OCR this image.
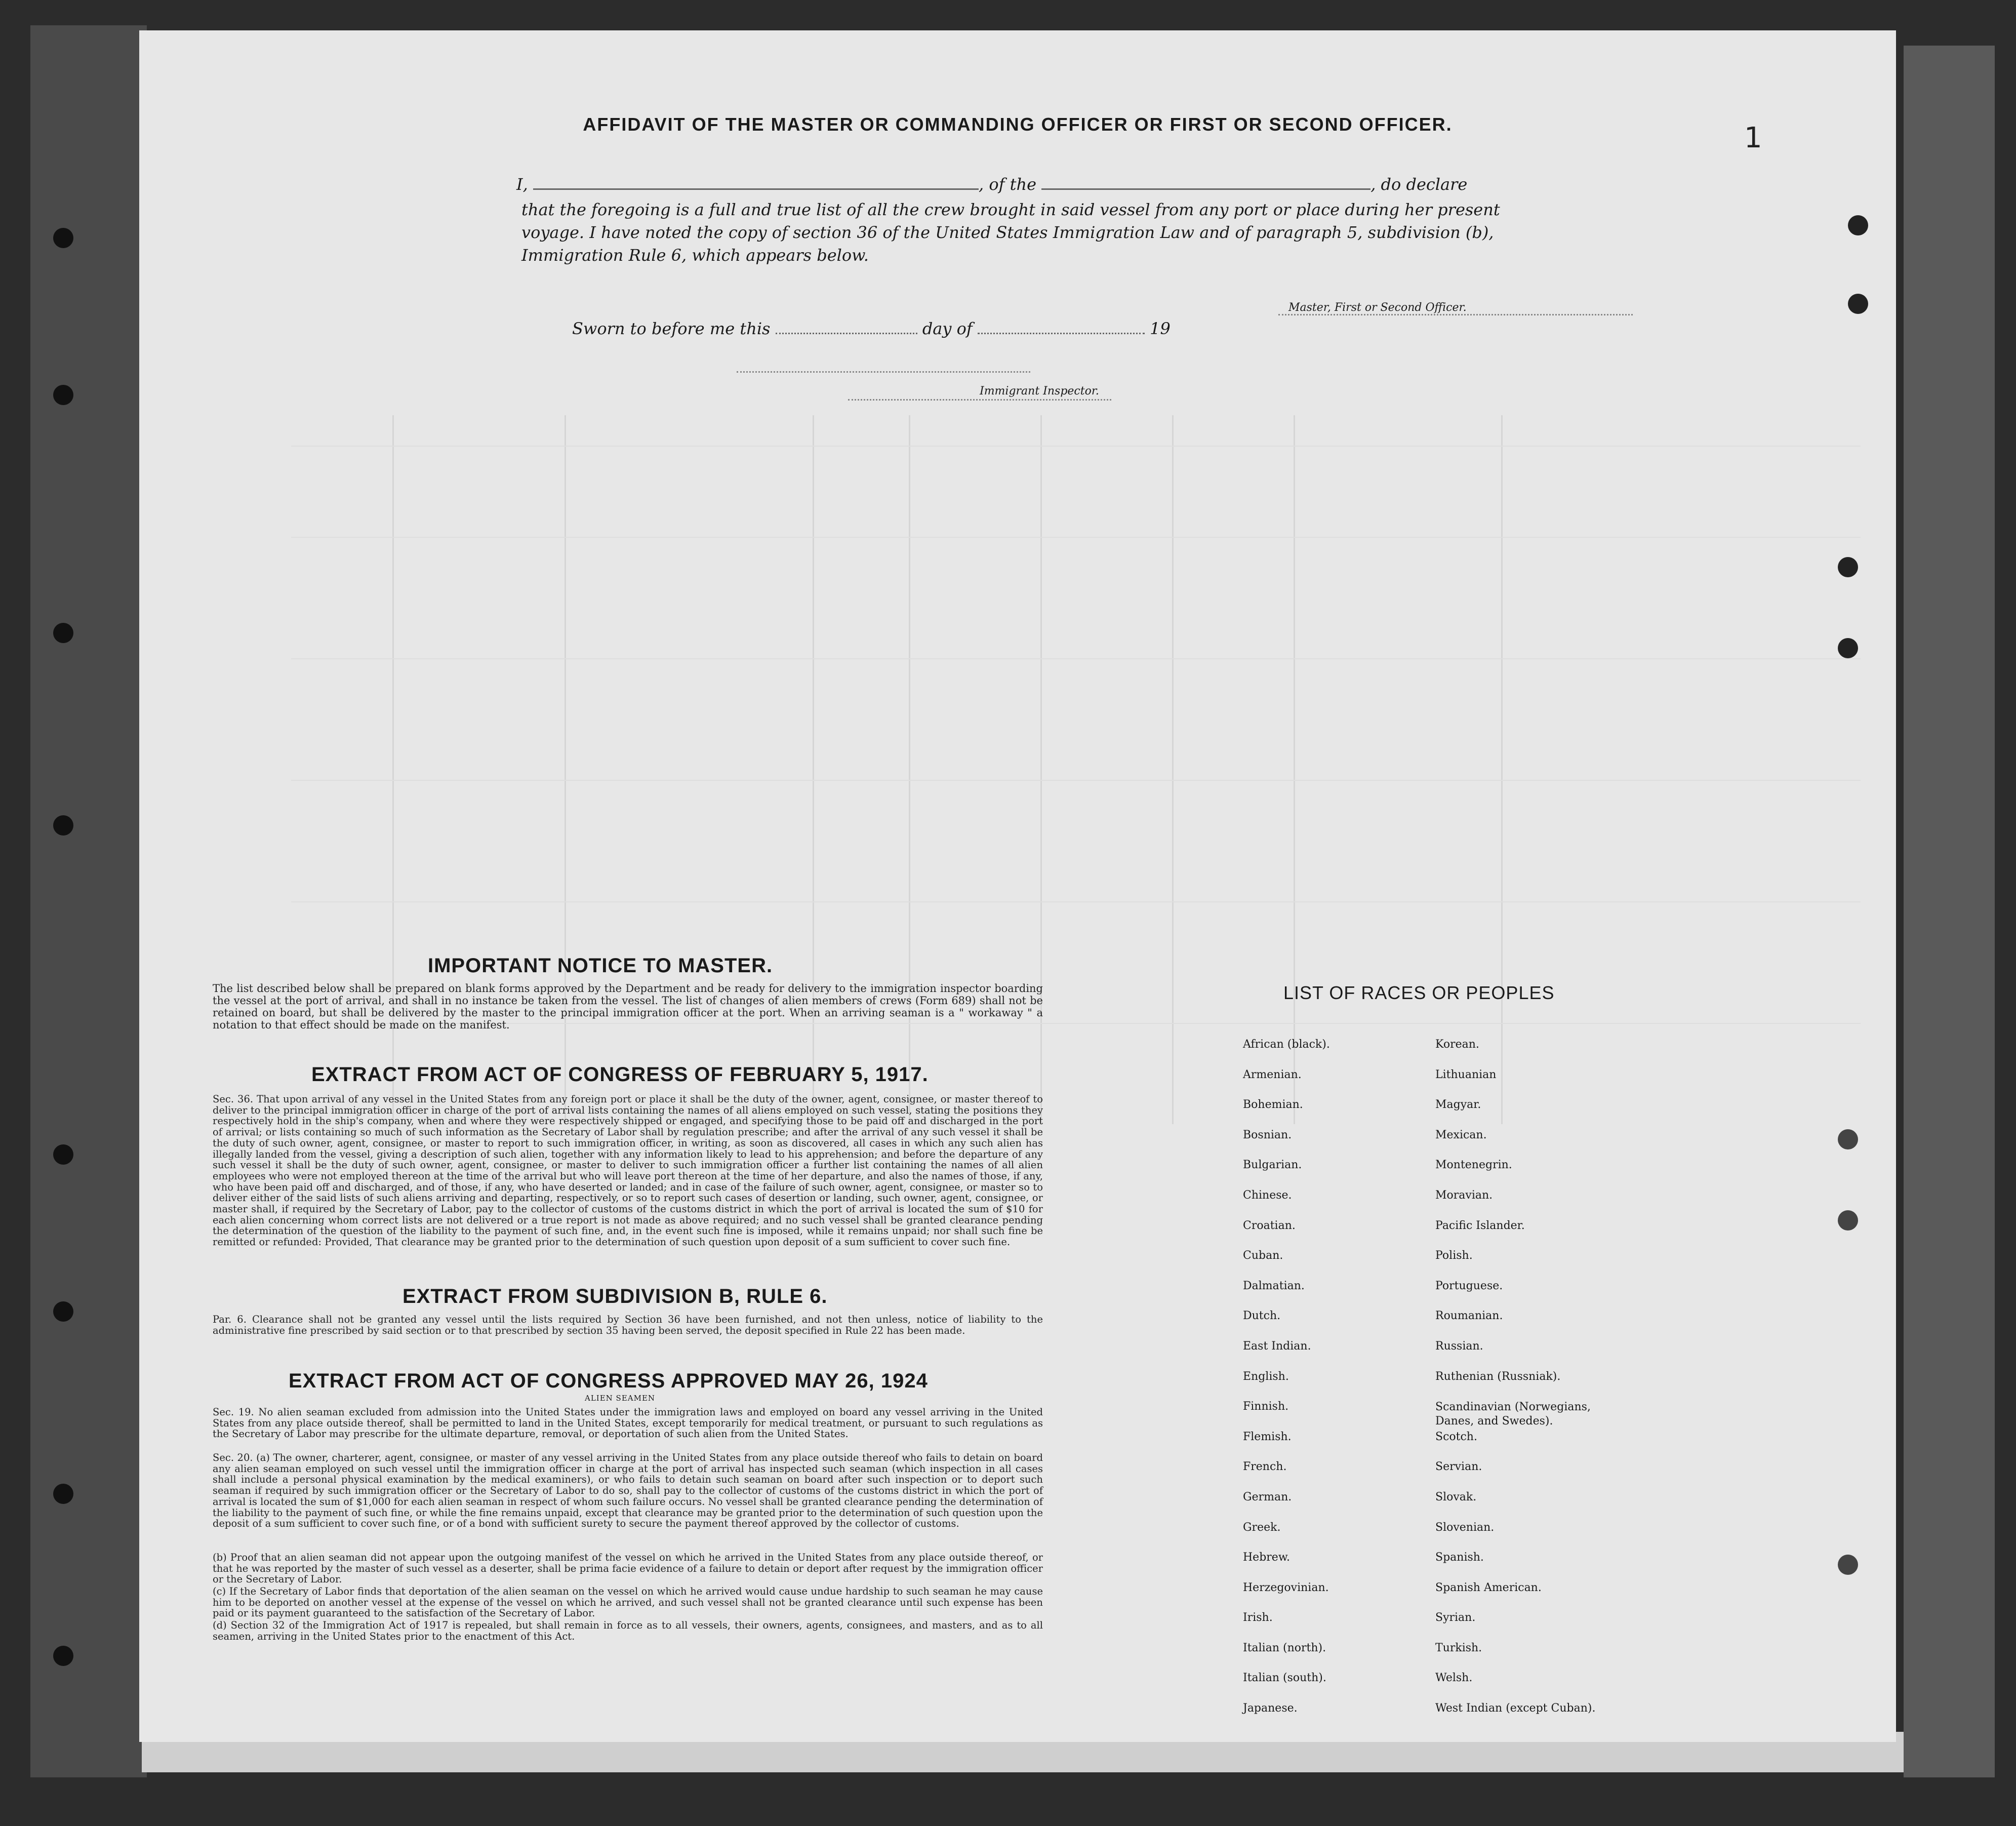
1
AFFIDAVIT OF THE MASTER OR COMMANDING OFFICER OR FIRST OR SECOND OFFICER.
I,	, of the	, do declare
that the foregoing is a full and true list of all the crew brought in said vessel from any port or place during her present
voyage. I have noted the copy of section 36 of the United States Immigration Law and of paragraph 5, subdivision (b),
Immigration Rule 6, which appears below.
Master, First or Second Officer.
Sworn to before me this	day of	19
Immigrant Inspector.
IMPORTANT NOTICE TO MASTER.
The list described below shall be prepared on blank forms approved by the Department and be ready for delivery to the immigration inspector boarding the vessel at the port of arrival, and shall in no instance be taken from the vessel. The list of changes of alien members of crews (Form 689) shall not be retained on board, but shall be delivered by the master to the principal immigration officer at the port. When an arriving seaman is a " workaway " a notation to that effect should be made on the manifest.
EXTRACT FROM ACT OF CONGRESS OF FEBRUARY 5, 1917.
Sec. 36. That upon arrival of any vessel in the United States from any foreign port or place it shall be the duty of the owner, agent, consignee, or master thereof to deliver to the principal immigration officer in charge of the port of arrival lists containing the names of all aliens employed on such vessel, stating the positions they respectively hold in the ship's company, when and where they were respectively shipped or engaged, and specifying those to be paid off and discharged in the port of arrival; or lists containing so much of such information as the Secretary of Labor shall by regulation prescribe; and after the arrival of any such vessel it shall be the duty of such owner, agent, consignee, or master to report to such immigration officer, in writing, as soon as discovered, all cases in which any such alien has illegally landed from the vessel, giving a description of such alien, together with any information likely to lead to his apprehension; and before the departure of any such vessel it shall be the duty of such owner, agent, consignee, or master to deliver to such immigration officer a further list containing the names of all alien employees who were not employed thereon at the time of the arrival but who will leave port thereon at the time of her departure, and also the names of those, if any, who have been paid off and discharged, and of those, if any, who have deserted or landed; and in case of the failure of such owner, agent, consignee, or master so to deliver either of the said lists of such aliens arriving and departing, respectively, or so to report such cases of desertion or landing, such owner, agent, consignee, or master shall, if required by the Secretary of Labor, pay to the collector of customs of the customs district in which the port of arrival is located the sum of $10 for each alien concerning whom correct lists are not delivered or a true report is not made as above required; and no such vessel shall be granted clearance pending the determination of the question of the liability to the payment of such fine, and, in the event such fine is imposed, while it remains unpaid; nor shall such fine be remitted or refunded: Provided, That clearance may be granted prior to the determination of such question upon deposit of a sum sufficient to cover such fine.
EXTRACT FROM SUBDIVISION B, RULE 6.
Par. 6. Clearance shall not be granted any vessel until the lists required by Section 36 have been furnished, and not then unless, notice of liability to the administrative fine prescribed by said section or to that prescribed by section 35 having been served, the deposit specified in Rule 22 has been made.
EXTRACT FROM ACT OF CONGRESS APPROVED MAY 26, 1924
ALIEN SEAMEN
Sec. 19. No alien seaman excluded from admission into the United States under the immigration laws and employed on board any vessel arriving in the United States from any place outside thereof, shall be permitted to land in the United States, except temporarily for medical treatment, or pursuant to such regulations as the Secretary of Labor may prescribe for the ultimate departure, removal, or deportation of such alien from the United States.
Sec. 20. (a) The owner, charterer, agent, consignee, or master of any vessel arriving in the United States from any place outside thereof who fails to detain on board any alien seaman employed on such vessel until the immigration officer in charge at the port of arrival has inspected such seaman (which inspection in all cases shall include a personal physical examination by the medical examiners), or who fails to detain such seaman on board after such inspection or to deport such seaman if required by such immigration officer or the Secretary of Labor to do so, shall pay to the collector of customs of the customs district in which the port of arrival is located the sum of $1,000 for each alien seaman in respect of whom such failure occurs. No vessel shall be granted clearance pending the determination of the liability to the payment of such fine, or while the fine remains unpaid, except that clearance may be granted prior to the determination of such question upon the deposit of a sum sufficient to cover such fine, or of a bond with sufficient surety to secure the payment thereof approved by the collector of customs.
(b) Proof that an alien seaman did not appear upon the outgoing manifest of the vessel on which he arrived in the United States from any place outside thereof, or that he was reported by the master of such vessel as a deserter, shall be prima facie evidence of a failure to detain or deport after request by the immigration officer or the Secretary of Labor.
(c) If the Secretary of Labor finds that deportation of the alien seaman on the vessel on which he arrived would cause undue hardship to such seaman he may cause him to be deported on another vessel at the expense of the vessel on which he arrived, and such vessel shall not be granted clearance until such expense has been paid or its payment guaranteed to the satisfaction of the Secretary of Labor.
(d) Section 32 of the Immigration Act of 1917 is repealed, but shall remain in force as to all vessels, their owners, agents, consignees, and masters, and as to all seamen, arriving in the United States prior to the enactment of this Act.
LIST OF RACES OR PEOPLES
African (black).
Armenian.
Bohemian.
Bosnian.
Bulgarian.
Chinese.
Croatian.
Cuban.
Dalmatian.
Dutch.
East Indian.
English.
Finnish.
Flemish.
French.
German.
Greek.
Hebrew.
Herzegovinian.
Irish.
Italian (north).
Italian (south).
Japanese.
Korean.
Lithuanian
Magyar.
Mexican.
Montenegrin.
Moravian.
Pacific Islander.
Polish.
Portuguese.
Roumanian.
Russian.
Ruthenian (Russniak).
Scandinavian (Norwegians, Danes, and Swedes).
Scotch.
Servian.
Slovak.
Slovenian.
Spanish.
Spanish American.
Syrian.
Turkish.
Welsh.
West Indian (except Cuban).
